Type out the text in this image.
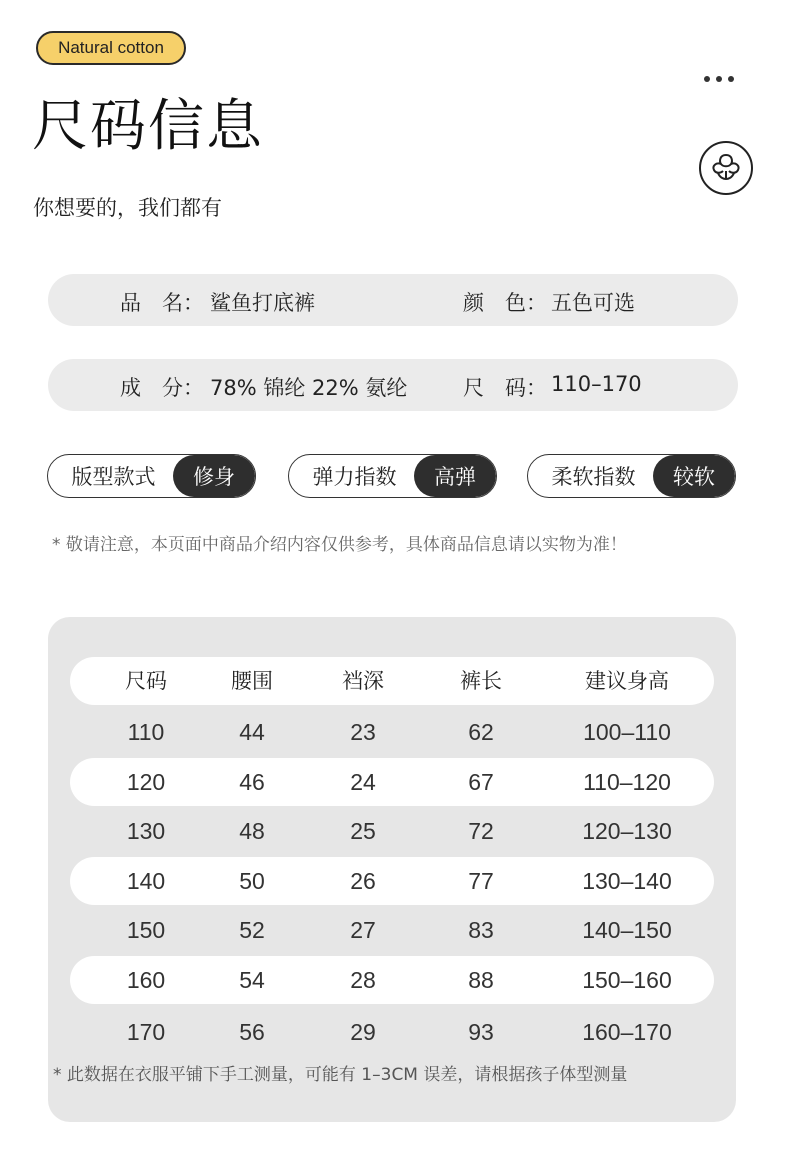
Natural cotton
尺码信息
你想要的，我们都有
品　名： 鲨鱼打底裤	颜　色： 五色可选
成　分： 78% 锦纶 22% 氨纶	尺　码： 110–170
版型款式	修身	弹力指数	高弹	柔软指数	较软
* 敬请注意，本页面中商品介绍内容仅供参考，具体商品信息请以实物为准！
尺码	腰围	裆深	裤长	建议身高
110	44	23	62	100–110
120	46	24	67	110–120
130	48	25	72	120–130
140	50	26	77	130–140
150	52	27	83	140–150
160	54	28	88	150–160
170	56	29	93	160–170
* 此数据在衣服平铺下手工测量，可能有 1–3CM 误差，请根据孩子体型测量
